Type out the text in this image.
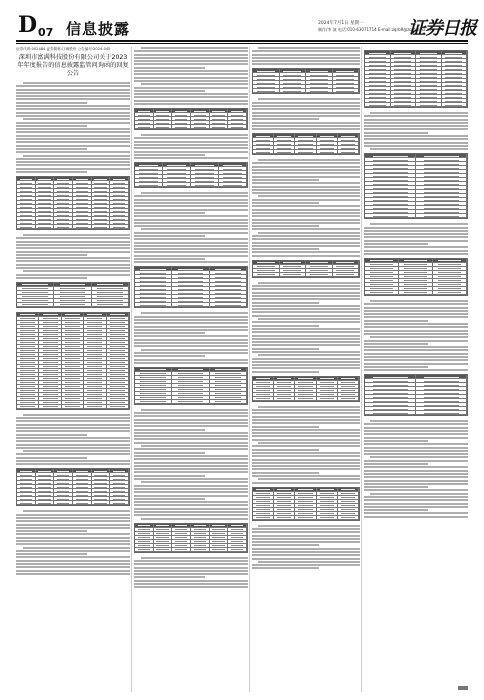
D 07 信息披露	2024年7月1日 星期一
制作/李 演 电话:010-63071714 E-mail:zqrb9@zqrb.sina.net
证券日报
证券代码:002484 证券简称:江海股份 公告编号:2024-045
深圳市富满科技股份有限公司关于2023年年度报告的信息披露监管问询函的回复公告
